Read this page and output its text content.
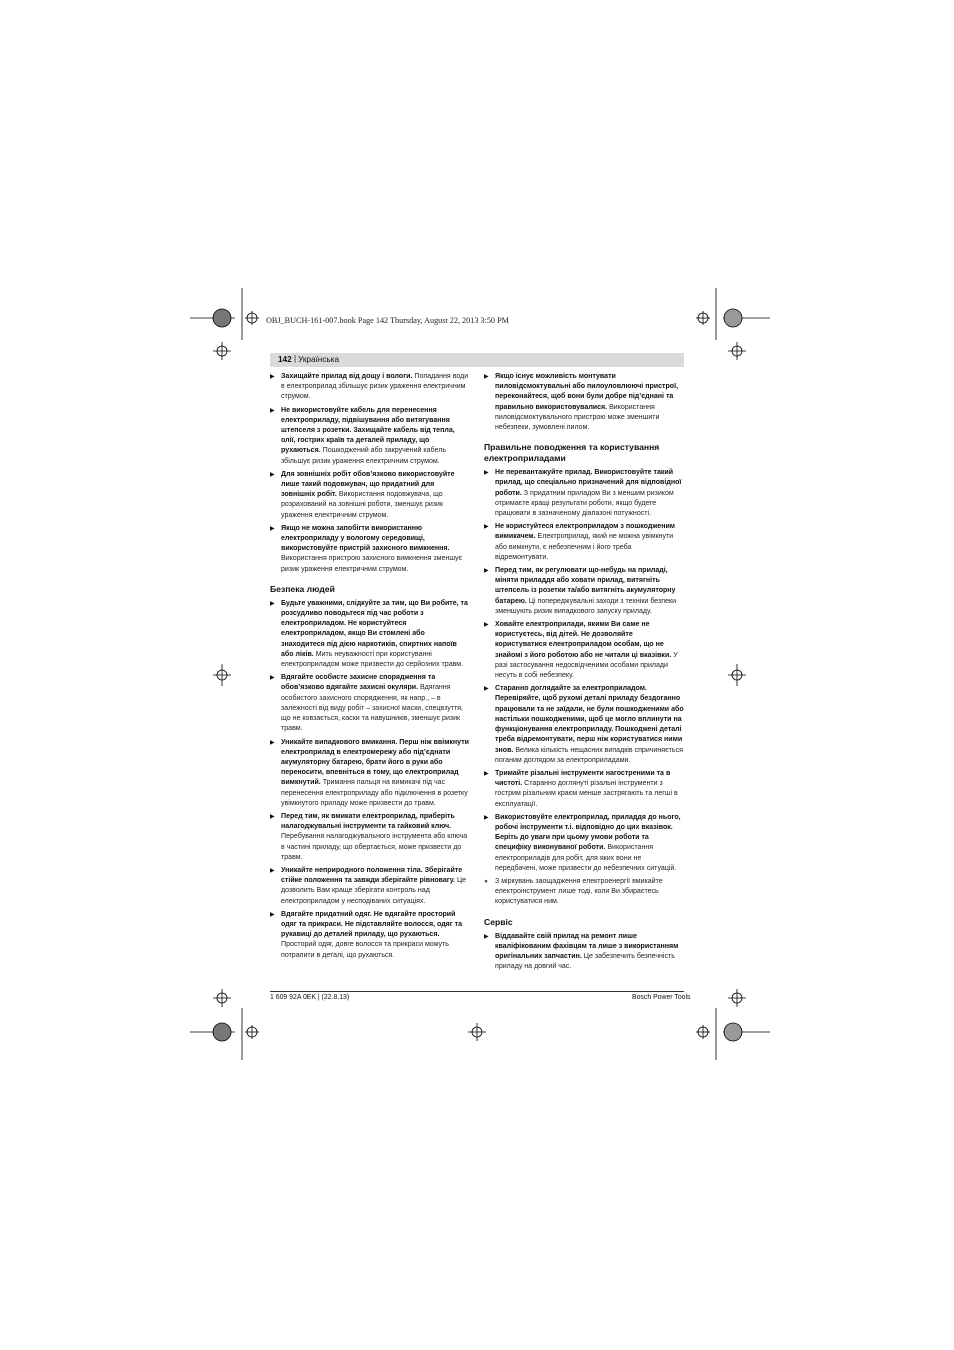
OBJ_BUCH-161-007.book Page 142 Thursday, August 22, 2013 3:50 PM
142 | Українська
▶
Захищайте прилад від дощу і вологи. Попадання води в електроприлад збільшує ризик ураження електричним струмом.
▶
Не використовуйте кабель для перенесення електроприладу, підвішування або витягування штепселя з розетки. Захищайте кабель від тепла, олії, гострих країв та деталей приладу, що рухаються. Пошкоджений або закручений кабель збільшує ризик ураження електричним струмом.
▶
Для зовнішніх робіт обов’язково використовуйте лише такий подовжувач, що придатний для зовнішніх робіт. Використання подовжувача, що розрахований на зовнішні роботи, зменшує ризик ураження електричним струмом.
▶
Якщо не можна запобігти використанню електроприладу у вологому середовищі, використовуйте пристрій захисного вимкнення. Використання пристрою захисного вимкнення зменшує ризик ураження електричним струмом.
Безпека людей
▶
Будьте уважними, слідкуйте за тим, що Ви робите, та розсудливо поводьтеся під час роботи з електроприладом. Не користуйтеся електроприладом, якщо Ви стомлені або знаходитеся під дією наркотиків, спиртних напоїв або ліків. Мить неуважності при користуванні електроприладом може призвести до серйозних травм.
▶
Вдягайте особисте захисне спорядження та обов’язково вдягайте захисні окуляри. Вдягання особистого захисного спорядження, як напр., – в залежності від виду робіт – захисної маски, спецвзуття, що не ковзається, каски та навушників, зменшує ризик травм.
▶
Уникайте випадкового вмикання. Перш ніж ввімкнути електроприлад в електромережу або під’єднати акумуляторну батарею, брати його в руки або переносити, впевніться в тому, що електроприлад вимкнутий. Тримання пальця на вимикачі під час перенесення електроприладу або підключення в розетку увімкнутого приладу може призвести до травм.
▶
Перед тим, як вмикати електроприлад, приберіть налагоджувальні інструменти та гайковий ключ. Перебування налагоджувального інструмента або ключа в частині приладу, що обертається, може призвести до травм.
▶
Уникайте неприродного положення тіла. Зберігайте стійке положення та завжди зберігайте рівновагу. Це дозволить Вам краще зберігати контроль над електроприладом у несподіваних ситуаціях.
▶
Вдягайте придатний одяг. Не вдягайте просторий одяг та прикраси. Не підставляйте волосся, одяг та рукавиці до деталей приладу, що рухаються. Просторий одяг, довге волосся та прикраси можуть потрапити в деталі, що рухаються.
▶
Якщо існує можливість монтувати пиловідсмоктувальні або пилоуловлюючі пристрої, переконайтеся, щоб вони були добре під’єднані та правильно використовувалися. Використання пиловідсмоктувального пристрою може зменшити небезпеки, зумовлені пилом.
Правильне поводження та користування електроприладами
▶
Не перевантажуйте прилад. Використовуйте такий прилад, що спеціально призначений для відповідної роботи. З придатним приладом Ви з меншим ризиком отримаєте кращі результати роботи, якщо будете працювати в зазначеному діапазоні потужності.
▶
Не користуйтеся електроприладом з пошкодженим вимикачем. Електроприлад, який не можна увімкнути або вимкнути, є небезпечним і його треба відремонтувати.
▶
Перед тим, як регулювати що-небудь на приладі, міняти приладдя або ховати прилад, витягніть штепсель із розетки та/або витягніть акумуляторну батарею. Ці попереджувальні заходи з техніки безпеки зменшують ризик випадкового запуску приладу.
▶
Ховайте електроприлади, якими Ви саме не користуєтесь, від дітей. Не дозволяйте користуватися електроприладом особам, що не знайомі з його роботою або не читали ці вказівки. У разі застосування недосвідченими особами прилади несуть в собі небезпеку.
▶
Старанно доглядайте за електроприладом. Перевіряйте, щоб рухомі деталі приладу бездоганно працювали та не заїдали, не були пошкодженими або настільки пошкодженими, щоб це могло вплинути на функціонування електроприладу. Пошкоджені деталі треба відремонтувати, перш ніж користуватися ними знов. Велика кількість нещасних випадків спричиняється поганим доглядом за електроприладами.
▶
Тримайте різальні інструменти нагостреними та в чистоті. Старанно доглянуті різальні інструменти з гострим різальним краєм менше застрягають та легші в експлуатації.
▶
Використовуйте електроприлад, приладдя до нього, робочі інструменти т.і. відповідно до цих вказівок. Беріть до уваги при цьому умови роботи та специфіку виконуваної роботи. Використання електроприладів для робіт, для яких вони не передбачені, може призвести до небезпечних ситуацій.
●
З міркувань заощадження електроенергії вмикайте електроінструмент лише тоді, коли Ви збираєтесь користуватися ним.
Сервіс
▶
Віддавайте свій прилад на ремонт лише кваліфікованим фахівцям та лише з використанням оригінальних запчастин. Це забезпечить безпечність приладу на довгий час.
1 609 92A 0EK | (22.8.13)	Bosch Power Tools
